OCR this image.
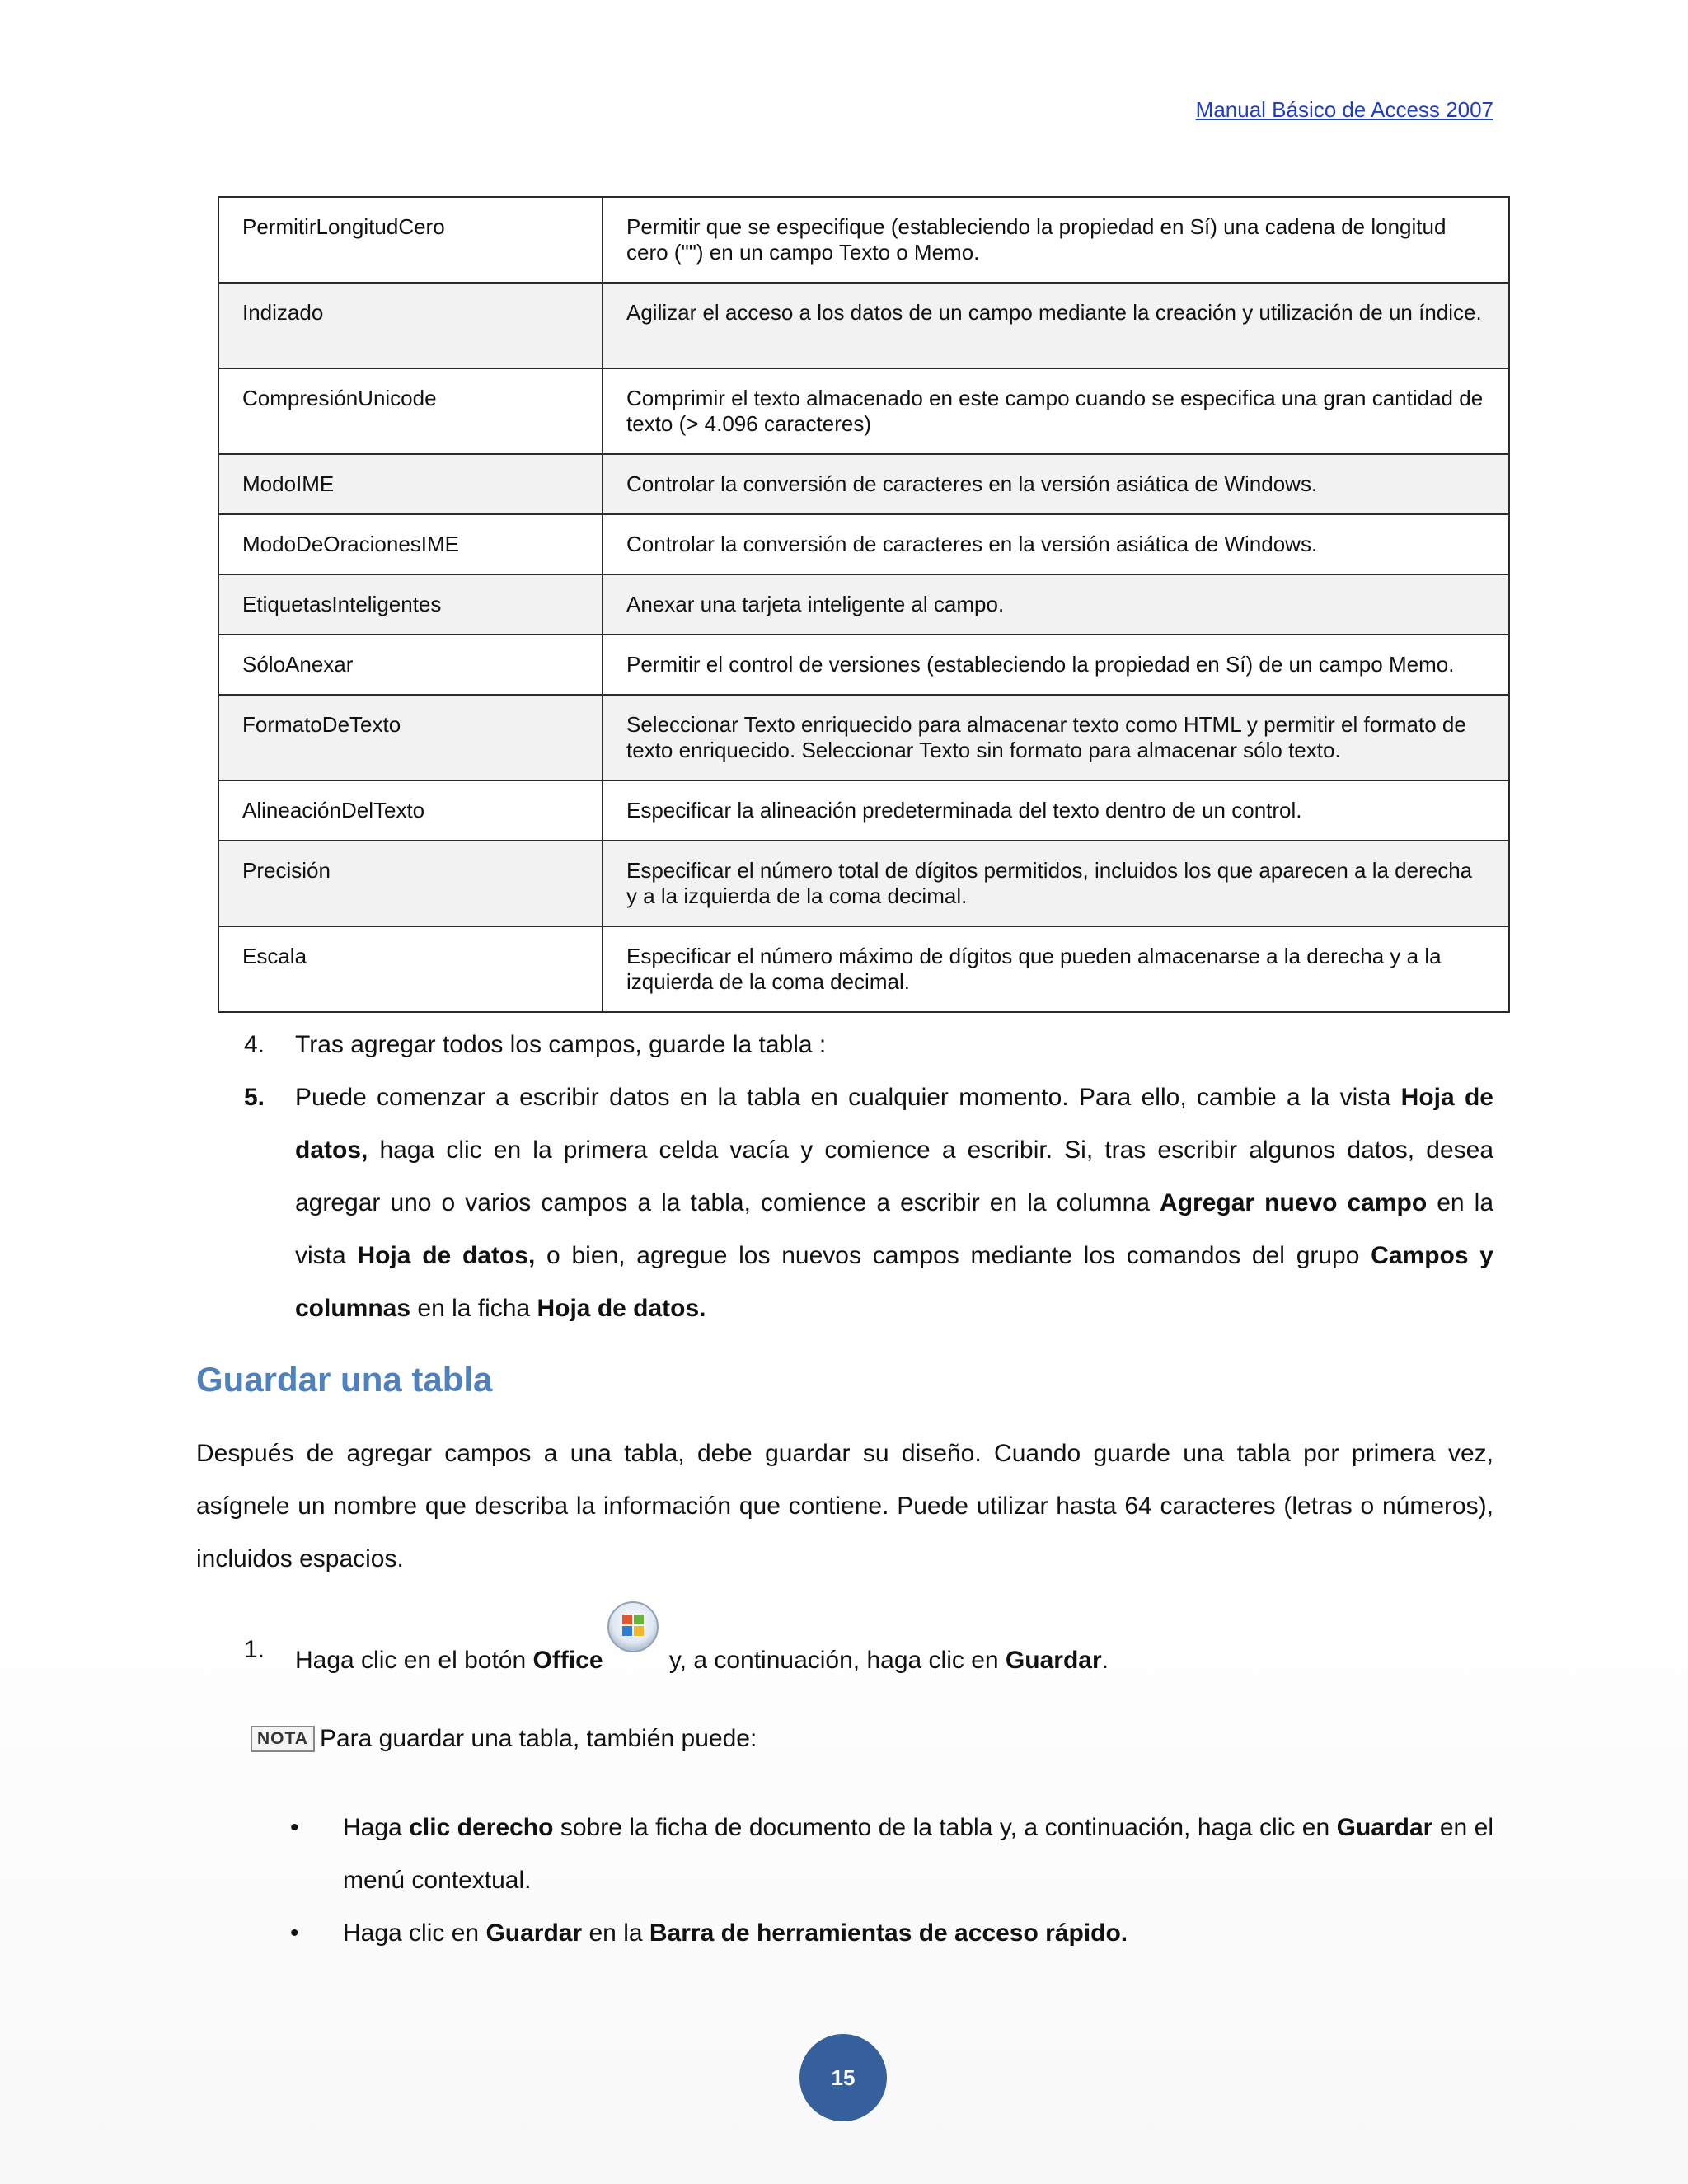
Manual Básico de Access 2007
PermitirLongitudCero	Permitir que se especifique (estableciendo la propiedad en Sí) una cadena de longitud cero ("") en un campo Texto o Memo.
Indizado	Agilizar el acceso a los datos de un campo mediante la creación y utilización de un índice.
CompresiónUnicode	Comprimir el texto almacenado en este campo cuando se especifica una gran cantidad de texto (> 4.096 caracteres)
ModoIME	Controlar la conversión de caracteres en la versión asiática de Windows.
ModoDeOracionesIME	Controlar la conversión de caracteres en la versión asiática de Windows.
EtiquetasInteligentes	Anexar una tarjeta inteligente al campo.
SóloAnexar	Permitir el control de versiones (estableciendo la propiedad en Sí) de un campo Memo.
FormatoDeTexto	Seleccionar Texto enriquecido para almacenar texto como HTML y permitir el formato de texto enriquecido. Seleccionar Texto sin formato para almacenar sólo texto.
AlineaciónDelTexto	Especificar la alineación predeterminada del texto dentro de un control.
Precisión	Especificar el número total de dígitos permitidos, incluidos los que aparecen a la derecha y a la izquierda de la coma decimal.
Escala	Especificar el número máximo de dígitos que pueden almacenarse a la derecha y a la izquierda de la coma decimal.
4. Tras agregar todos los campos, guarde la tabla :
5. Puede comenzar a escribir datos en la tabla en cualquier momento. Para ello, cambie a la vista Hoja de datos, haga clic en la primera celda vacía y comience a escribir. Si, tras escribir algunos datos, desea agregar uno o varios campos a la tabla, comience a escribir en la columna Agregar nuevo campo en la vista Hoja de datos, o bien, agregue los nuevos campos mediante los comandos del grupo Campos y columnas en la ficha Hoja de datos.
Guardar una tabla
Después de agregar campos a una tabla, debe guardar su diseño. Cuando guarde una tabla por primera vez, asígnele un nombre que describa la información que contiene. Puede utilizar hasta 64 caracteres (letras o números), incluidos espacios.
1. Haga clic en el botón Office y, a continuación, haga clic en Guardar.
NOTA Para guardar una tabla, también puede:
• Haga clic derecho sobre la ficha de documento de la tabla y, a continuación, haga clic en Guardar en el menú contextual.
• Haga clic en Guardar en la Barra de herramientas de acceso rápido.
15
